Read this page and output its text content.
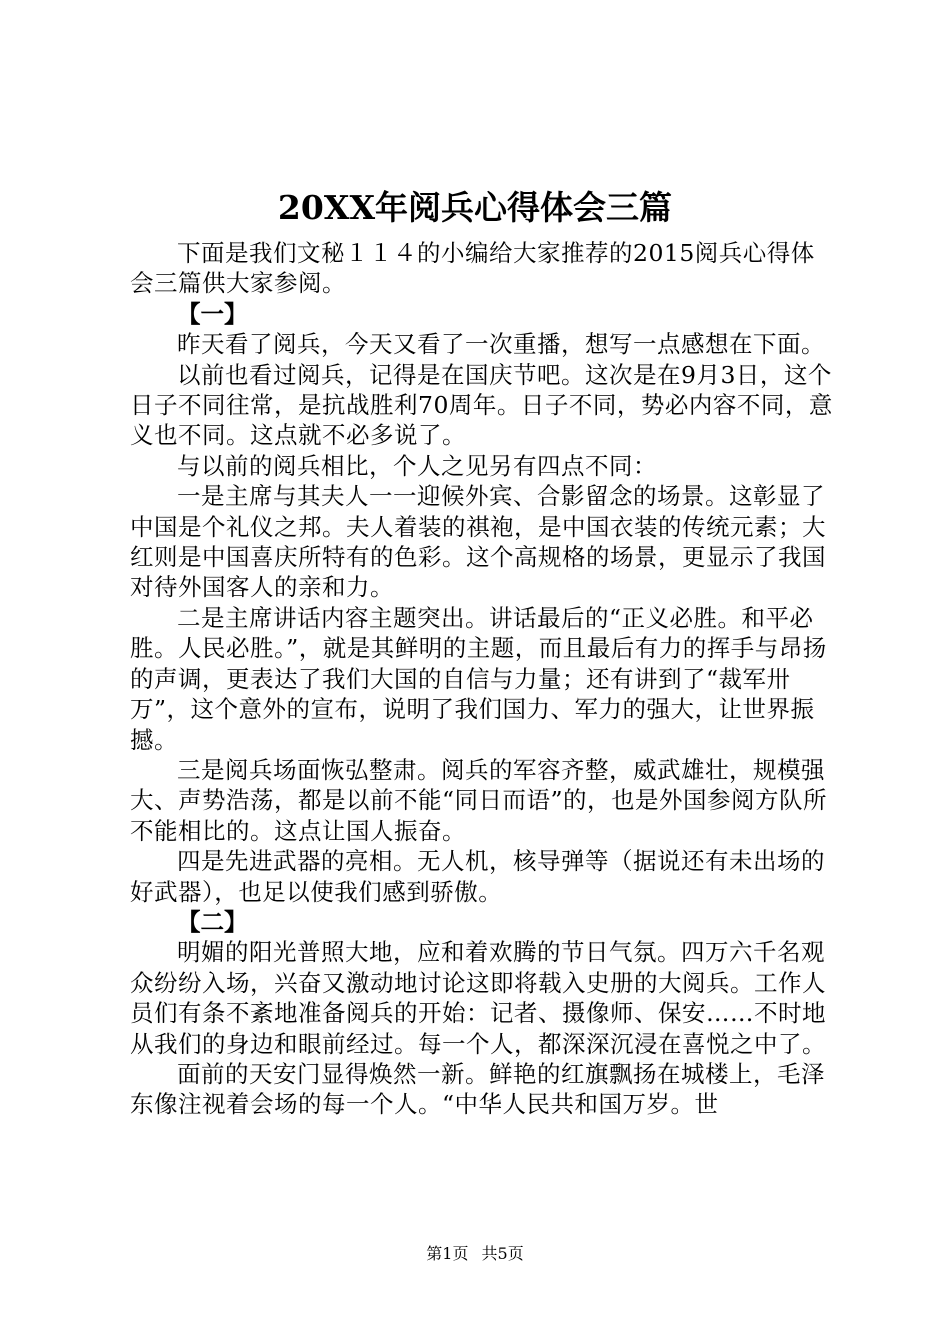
20XX年阅兵心得体会三篇

下面是我们文秘１１４的小编给大家推荐的2015阅兵心得体会三篇供大家参阅。

【一】

昨天看了阅兵，今天又看了一次重播，想写一点感想在下面。

以前也看过阅兵，记得是在国庆节吧。这次是在9月3日，这个日子不同往常，是抗战胜利70周年。日子不同，势必内容不同，意义也不同。这点就不必多说了。

与以前的阅兵相比，个人之见另有四点不同：

一是主席与其夫人一一迎候外宾、合影留念的场景。这彰显了中国是个礼仪之邦。夫人着装的祺袍，是中国衣装的传统元素；大红则是中国喜庆所特有的色彩。这个高规格的场景，更显示了我国对待外国客人的亲和力。

二是主席讲话内容主题突出。讲话最后的“正义必胜。和平必胜。人民必胜。”，就是其鲜明的主题，而且最后有力的挥手与昂扬的声调，更表达了我们大国的自信与力量；还有讲到了“裁军卅万”，这个意外的宣布，说明了我们国力、军力的强大，让世界振撼。

三是阅兵场面恢弘整肃。阅兵的军容齐整，威武雄壮，规模强大、声势浩荡，都是以前不能“同日而语”的，也是外国参阅方队所不能相比的。这点让国人振奋。

四是先进武器的亮相。无人机，核导弹等（据说还有未出场的好武器），也足以使我们感到骄傲。

【二】

明媚的阳光普照大地，应和着欢腾的节日气氛。四万六千名观众纷纷入场，兴奋又激动地讨论这即将载入史册的大阅兵。工作人员们有条不紊地准备阅兵的开始：记者、摄像师、保安……不时地从我们的身边和眼前经过。每一个人，都深深沉浸在喜悦之中了。

面前的天安门显得焕然一新。鲜艳的红旗飘扬在城楼上，毛泽东像注视着会场的每一个人。“中华人民共和国万岁。世

第1页 共5页
